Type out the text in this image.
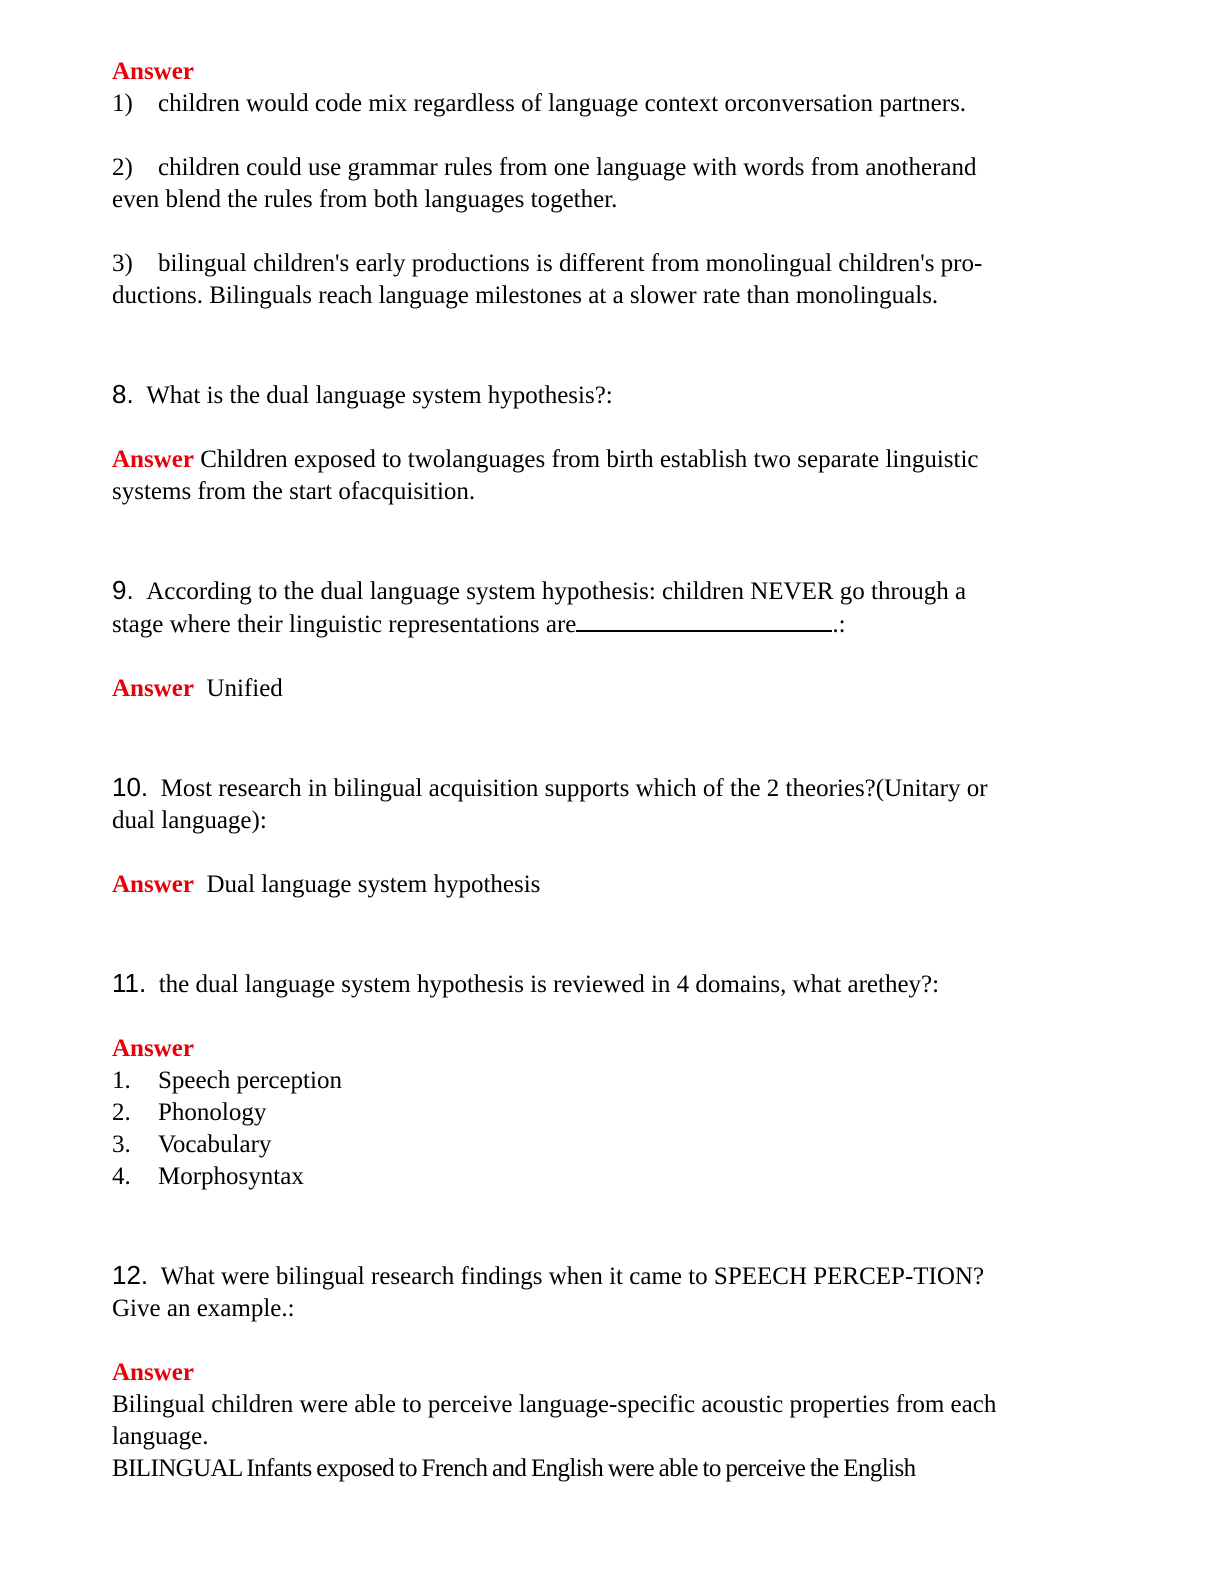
Answer
1) children would code mix regardless of language context orconversation partners.
2) children could use grammar rules from one language with words from anotherand
even blend the rules from both languages together.
3) bilingual children's early productions is different from monolingual children's pro-
ductions. Bilinguals reach language milestones at a slower rate than monolinguals.
8. What is the dual language system hypothesis?:
Answer Children exposed to twolanguages from birth establish two separate linguistic
systems from the start ofacquisition.
9. According to the dual language system hypothesis: children NEVER go through a
stage where their linguistic representations are	.:
Answer Unified
10. Most research in bilingual acquisition supports which of the 2 theories?(Unitary or
dual language):
Answer Dual language system hypothesis
11. the dual language system hypothesis is reviewed in 4 domains, what arethey?:
Answer
1. Speech perception
2. Phonology
3. Vocabulary
4. Morphosyntax
12. What were bilingual research findings when it came to SPEECH PERCEP-TION?
Give an example.:
Answer
Bilingual children were able to perceive language-specific acoustic properties from each
language.
BILINGUAL Infants exposed to French and English were able to perceive the English
